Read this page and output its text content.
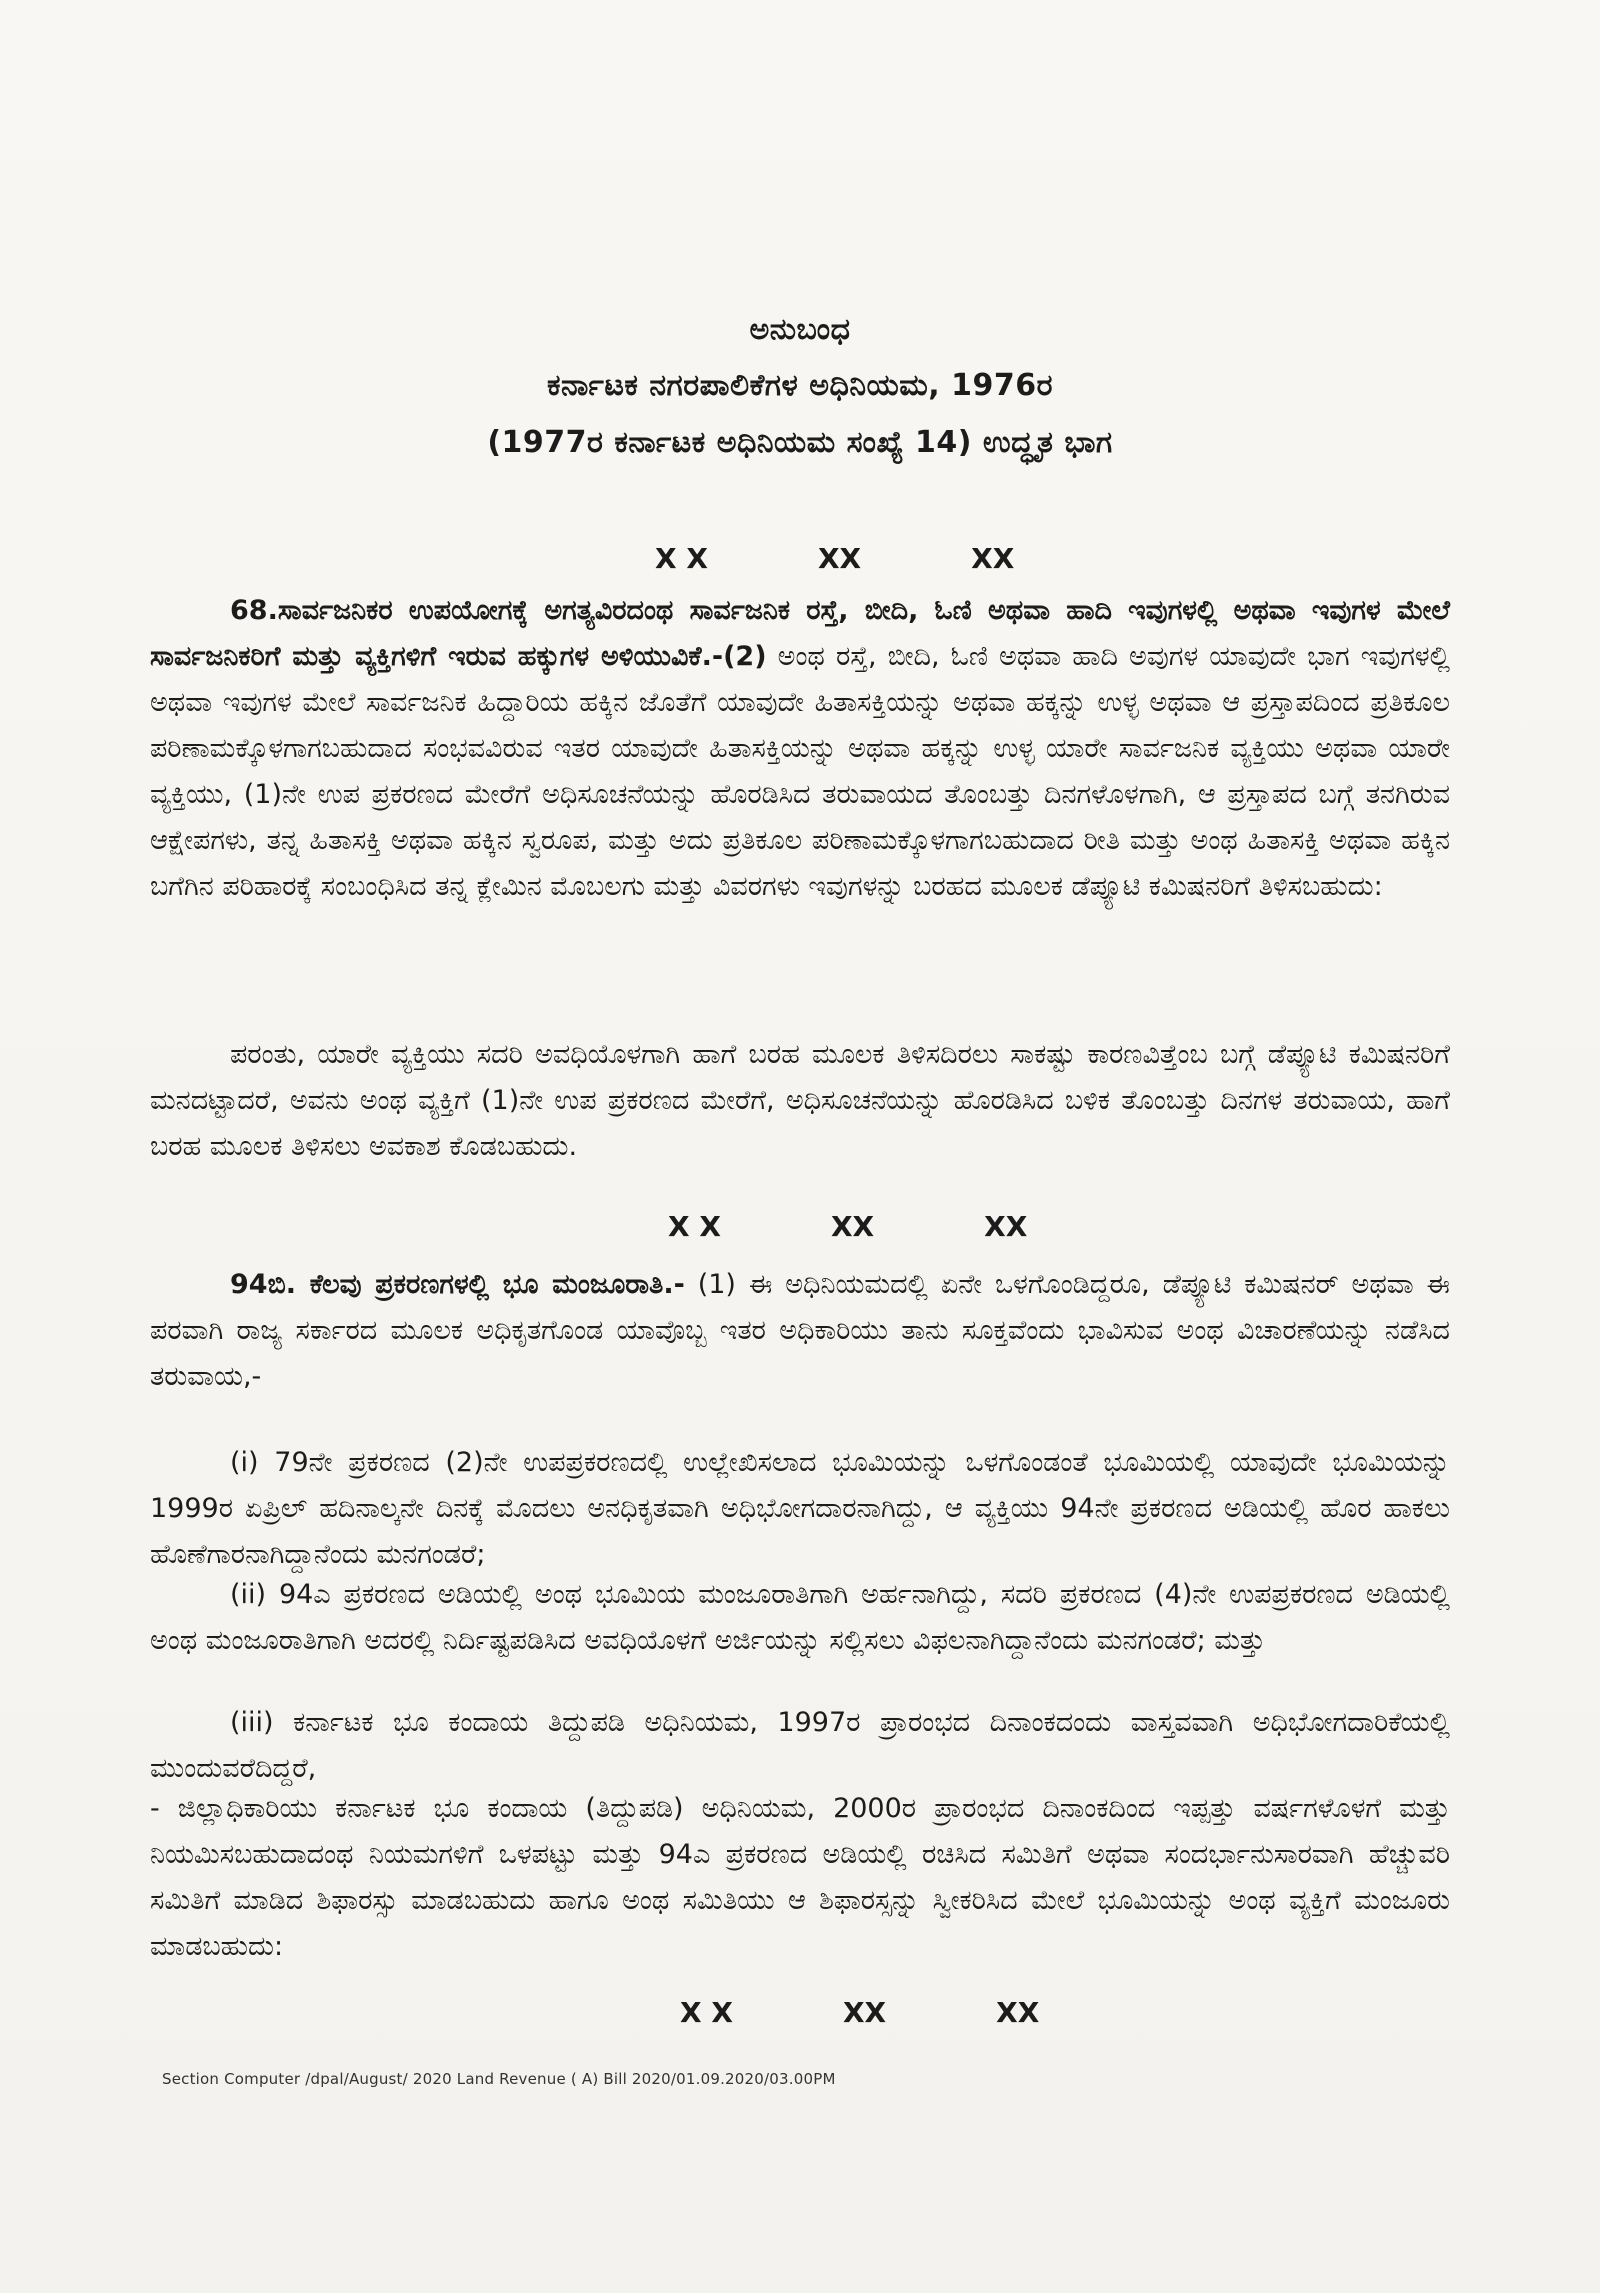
ಅನುಬಂಧ
ಕರ್ನಾಟಕ ನಗರಪಾಲಿಕೆಗಳ ಅಧಿನಿಯಮ, 1976ರ
(1977ರ ಕರ್ನಾಟಕ ಅಧಿನಿಯಮ ಸಂಖ್ಯೆ 14) ಉದ್ಧೃತ ಭಾಗ
X X	XX	XX
68.ಸಾರ್ವಜನಿಕರ ಉಪಯೋಗಕ್ಕೆ ಅಗತ್ಯವಿರದಂಥ ಸಾರ್ವಜನಿಕ ರಸ್ತೆ, ಬೀದಿ, ಓಣಿ ಅಥವಾ ಹಾದಿ ಇವುಗಳಲ್ಲಿ ಅಥವಾ ಇವುಗಳ ಮೇಲೆ ಸಾರ್ವಜನಿಕರಿಗೆ ಮತ್ತು ವ್ಯಕ್ತಿಗಳಿಗೆ ಇರುವ ಹಕ್ಕುಗಳ ಅಳಿಯುವಿಕೆ.-(2) ಅಂಥ ರಸ್ತೆ, ಬೀದಿ, ಓಣಿ ಅಥವಾ ಹಾದಿ ಅವುಗಳ ಯಾವುದೇ ಭಾಗ ಇವುಗಳಲ್ಲಿ ಅಥವಾ ಇವುಗಳ ಮೇಲೆ ಸಾರ್ವಜನಿಕ ಹಿದ್ದಾರಿಯ ಹಕ್ಕಿನ ಜೊತೆಗೆ ಯಾವುದೇ ಹಿತಾಸಕ್ತಿಯನ್ನು ಅಥವಾ ಹಕ್ಕನ್ನು ಉಳ್ಳ ಅಥವಾ ಆ ಪ್ರಸ್ತಾಪದಿಂದ ಪ್ರತಿಕೂಲ ಪರಿಣಾಮಕ್ಕೊಳಗಾಗಬಹುದಾದ ಸಂಭವವಿರುವ ಇತರ ಯಾವುದೇ ಹಿತಾಸಕ್ತಿಯನ್ನು ಅಥವಾ ಹಕ್ಕನ್ನು ಉಳ್ಳ ಯಾರೇ ಸಾರ್ವಜನಿಕ ವ್ಯಕ್ತಿಯು ಅಥವಾ ಯಾರೇ ವ್ಯಕ್ತಿಯು, (1)ನೇ ಉಪ ಪ್ರಕರಣದ ಮೇರೆಗೆ ಅಧಿಸೂಚನೆಯನ್ನು ಹೊರಡಿಸಿದ ತರುವಾಯದ ತೊಂಬತ್ತು ದಿನಗಳೊಳಗಾಗಿ, ಆ ಪ್ರಸ್ತಾಪದ ಬಗ್ಗೆ ತನಗಿರುವ ಆಕ್ಷೇಪಗಳು, ತನ್ನ ಹಿತಾಸಕ್ತಿ ಅಥವಾ ಹಕ್ಕಿನ ಸ್ವರೂಪ, ಮತ್ತು ಅದು ಪ್ರತಿಕೂಲ ಪರಿಣಾಮಕ್ಕೊಳಗಾಗಬಹುದಾದ ರೀತಿ ಮತ್ತು ಅಂಥ ಹಿತಾಸಕ್ತಿ ಅಥವಾ ಹಕ್ಕಿನ ಬಗೆಗಿನ ಪರಿಹಾರಕ್ಕೆ ಸಂಬಂಧಿಸಿದ ತನ್ನ ಕ್ಲೇಮಿನ ಮೊಬಲಗು ಮತ್ತು ವಿವರಗಳು ಇವುಗಳನ್ನು ಬರಹದ ಮೂಲಕ ಡೆಪ್ಯೂಟಿ ಕಮಿಷನರಿಗೆ ತಿಳಿಸಬಹುದು:
ಪರಂತು, ಯಾರೇ ವ್ಯಕ್ತಿಯು ಸದರಿ ಅವಧಿಯೊಳಗಾಗಿ ಹಾಗೆ ಬರಹ ಮೂಲಕ ತಿಳಿಸದಿರಲು ಸಾಕಷ್ಟು ಕಾರಣವಿತ್ತೆಂಬ ಬಗ್ಗೆ ಡೆಪ್ಯೂಟಿ ಕಮಿಷನರಿಗೆ ಮನದಟ್ಟಾದರೆ, ಅವನು ಅಂಥ ವ್ಯಕ್ತಿಗೆ (1)ನೇ ಉಪ ಪ್ರಕರಣದ ಮೇರೆಗೆ, ಅಧಿಸೂಚನೆಯನ್ನು ಹೊರಡಿಸಿದ ಬಳಿಕ ತೊಂಬತ್ತು ದಿನಗಳ ತರುವಾಯ, ಹಾಗೆ ಬರಹ ಮೂಲಕ ತಿಳಿಸಲು ಅವಕಾಶ ಕೊಡಬಹುದು.
X X	XX	XX
94ಬಿ. ಕೆಲವು ಪ್ರಕರಣಗಳಲ್ಲಿ ಭೂ ಮಂಜೂರಾತಿ.- (1) ಈ ಅಧಿನಿಯಮದಲ್ಲಿ ಏನೇ ಒಳಗೊಂಡಿದ್ದರೂ, ಡೆಪ್ಯೂಟಿ ಕಮಿಷನರ್ ಅಥವಾ ಈ ಪರವಾಗಿ ರಾಜ್ಯ ಸರ್ಕಾರದ ಮೂಲಕ ಅಧಿಕೃತಗೊಂಡ ಯಾವೊಬ್ಬ ಇತರ ಅಧಿಕಾರಿಯು ತಾನು ಸೂಕ್ತವೆಂದು ಭಾವಿಸುವ ಅಂಥ ವಿಚಾರಣೆಯನ್ನು ನಡೆಸಿದ ತರುವಾಯ,-
(i) 79ನೇ ಪ್ರಕರಣದ (2)ನೇ ಉಪಪ್ರಕರಣದಲ್ಲಿ ಉಲ್ಲೇಖಿಸಲಾದ ಭೂಮಿಯನ್ನು ಒಳಗೊಂಡಂತೆ ಭೂಮಿಯಲ್ಲಿ ಯಾವುದೇ ಭೂಮಿಯನ್ನು 1999ರ ಏಪ್ರಿಲ್ ಹದಿನಾಲ್ಕನೇ ದಿನಕ್ಕೆ ಮೊದಲು ಅನಧಿಕೃತವಾಗಿ ಅಧಿಭೋಗದಾರನಾಗಿದ್ದು, ಆ ವ್ಯಕ್ತಿಯು 94ನೇ ಪ್ರಕರಣದ ಅಡಿಯಲ್ಲಿ ಹೊರ ಹಾಕಲು ಹೊಣೆಗಾರನಾಗಿದ್ದಾನೆಂದು ಮನಗಂಡರೆ;
(ii) 94ಎ ಪ್ರಕರಣದ ಅಡಿಯಲ್ಲಿ ಅಂಥ ಭೂಮಿಯ ಮಂಜೂರಾತಿಗಾಗಿ ಅರ್ಹನಾಗಿದ್ದು, ಸದರಿ ಪ್ರಕರಣದ (4)ನೇ ಉಪಪ್ರಕರಣದ ಅಡಿಯಲ್ಲಿ ಅಂಥ ಮಂಜೂರಾತಿಗಾಗಿ ಅದರಲ್ಲಿ ನಿರ್ದಿಷ್ಟಪಡಿಸಿದ ಅವಧಿಯೊಳಗೆ ಅರ್ಜಿಯನ್ನು ಸಲ್ಲಿಸಲು ವಿಫಲನಾಗಿದ್ದಾನೆಂದು ಮನಗಂಡರೆ; ಮತ್ತು
(iii) ಕರ್ನಾಟಕ ಭೂ ಕಂದಾಯ ತಿದ್ದುಪಡಿ ಅಧಿನಿಯಮ, 1997ರ ಪ್ರಾರಂಭದ ದಿನಾಂಕದಂದು ವಾಸ್ತವವಾಗಿ ಅಧಿಭೋಗದಾರಿಕೆಯಲ್ಲಿ ಮುಂದುವರೆದಿದ್ದರೆ,
- ಜಿಲ್ಲಾಧಿಕಾರಿಯು ಕರ್ನಾಟಕ ಭೂ ಕಂದಾಯ (ತಿದ್ದುಪಡಿ) ಅಧಿನಿಯಮ, 2000ರ ಪ್ರಾರಂಭದ ದಿನಾಂಕದಿಂದ ಇಪ್ಪತ್ತು ವರ್ಷಗಳೊಳಗೆ ಮತ್ತು ನಿಯಮಿಸಬಹುದಾದಂಥ ನಿಯಮಗಳಿಗೆ ಒಳಪಟ್ಟು ಮತ್ತು 94ಎ ಪ್ರಕರಣದ ಅಡಿಯಲ್ಲಿ ರಚಿಸಿದ ಸಮಿತಿಗೆ ಅಥವಾ ಸಂದರ್ಭಾನುಸಾರವಾಗಿ ಹೆಚ್ಚುವರಿ ಸಮಿತಿಗೆ ಮಾಡಿದ ಶಿಫಾರಸ್ಸು ಮಾಡಬಹುದು ಹಾಗೂ ಅಂಥ ಸಮಿತಿಯು ಆ ಶಿಫಾರಸ್ಸನ್ನು ಸ್ವೀಕರಿಸಿದ ಮೇಲೆ ಭೂಮಿಯನ್ನು ಅಂಥ ವ್ಯಕ್ತಿಗೆ ಮಂಜೂರು ಮಾಡಬಹುದು:
X X	XX	XX
Section Computer /dpal/August/ 2020 Land Revenue ( A) Bill 2020/01.09.2020/03.00PM
